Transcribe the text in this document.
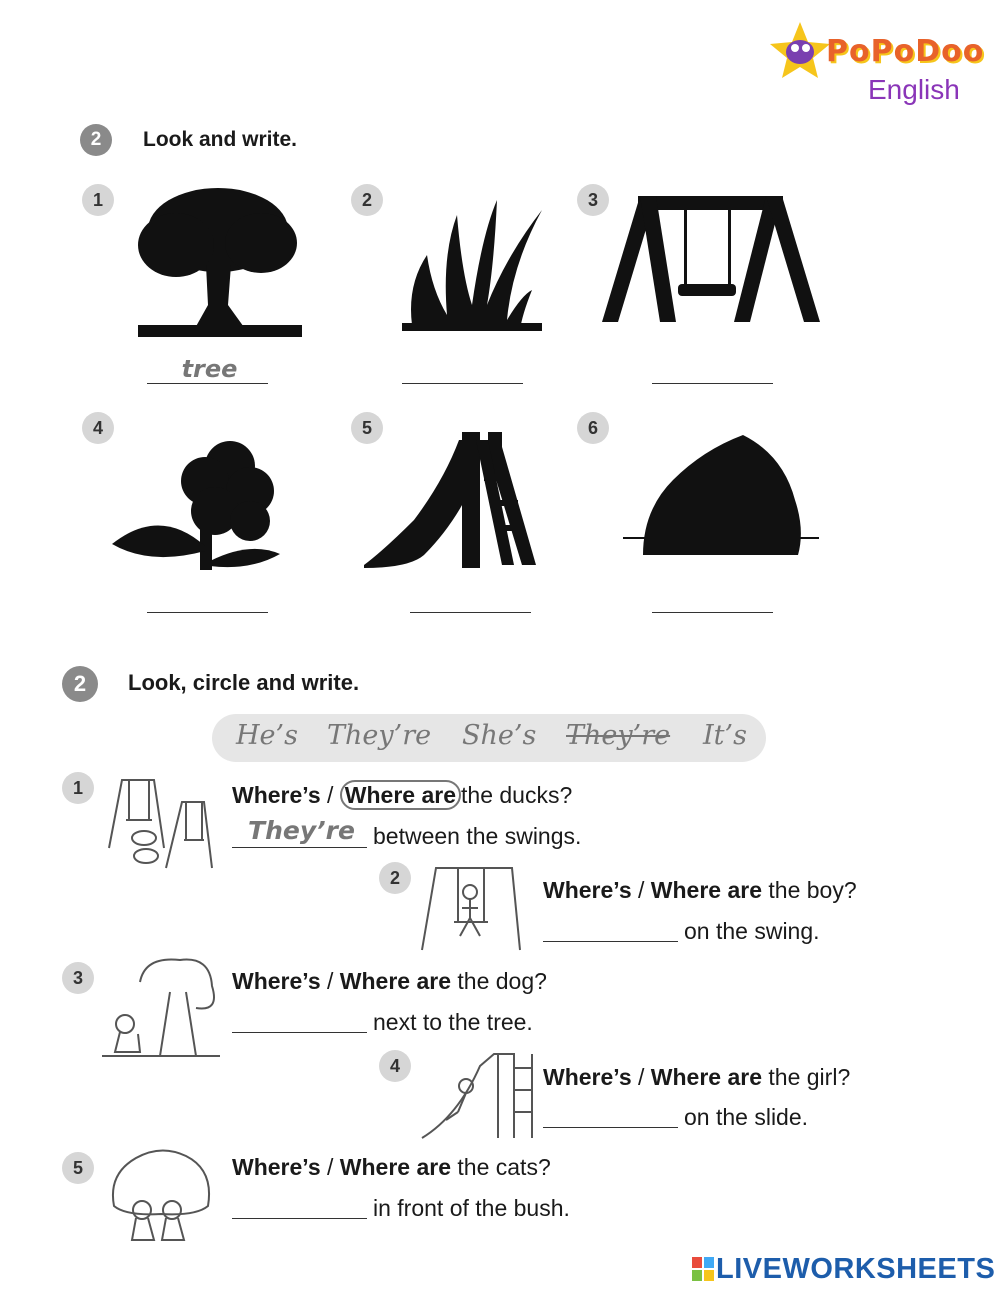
PoPoDoo
English
2	Look and write.
1	2	3
4	5	6
tree
2	Look, circle and write.
He’s They’re She’s They’re It’s
1
2
3
4
5
Where’s / Where are the ducks?
They’re
between the swings.
Where’s / Where are the boy?
on the swing.
Where’s / Where are the dog?
next to the tree.
Where’s / Where are the girl?
on the slide.
Where’s / Where are the cats?
in front of the bush.
LIVEWORKSHEETS
